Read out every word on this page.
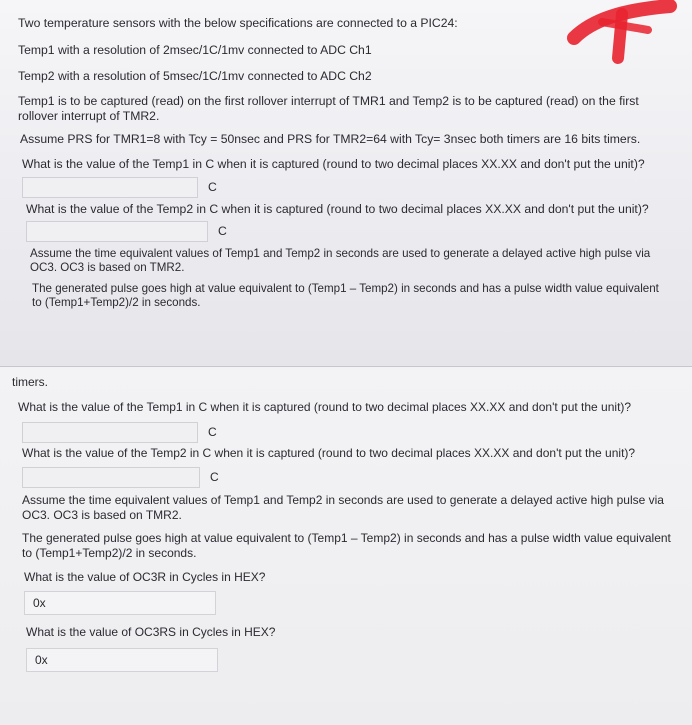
Two temperature sensors with the below specifications are connected to a PIC24:

Temp1 with a resolution of 2msec/1C/1mv connected to ADC Ch1

Temp2 with a resolution of 5msec/1C/1mv connected to ADC Ch2

Temp1 is to be captured (read) on the first rollover interrupt of TMR1 and Temp2 is to be captured (read) on the first rollover interrupt of TMR2.

Assume PRS for TMR1=8 with Tcy = 50nsec and PRS for TMR2=64 with Tcy= 3nsec both timers are 16 bits timers.

What is the value of the Temp1 in C when it is captured (round to two decimal places XX.XX and don't put the unit)?

C

What is the value of the Temp2 in C when it is captured (round to two decimal places XX.XX and don't put the unit)?

C

Assume the time equivalent values of Temp1 and Temp2 in seconds are used to generate a delayed active high pulse via OC3. OC3 is based on TMR2.

The generated pulse goes high at value equivalent to (Temp1 – Temp2) in seconds and has a pulse width value equivalent to (Temp1+Temp2)/2 in seconds.

timers.

What is the value of the Temp1 in C when it is captured (round to two decimal places XX.XX and don't put the unit)?

C

What is the value of the Temp2 in C when it is captured (round to two decimal places XX.XX and don't put the unit)?

C

Assume the time equivalent values of Temp1 and Temp2 in seconds are used to generate a delayed active high pulse via OC3. OC3 is based on TMR2.

The generated pulse goes high at value equivalent to (Temp1 – Temp2) in seconds and has a pulse width value equivalent to (Temp1+Temp2)/2 in seconds.

What is the value of OC3R in Cycles in HEX?

0x

What is the value of OC3RS in Cycles in HEX?

0x
